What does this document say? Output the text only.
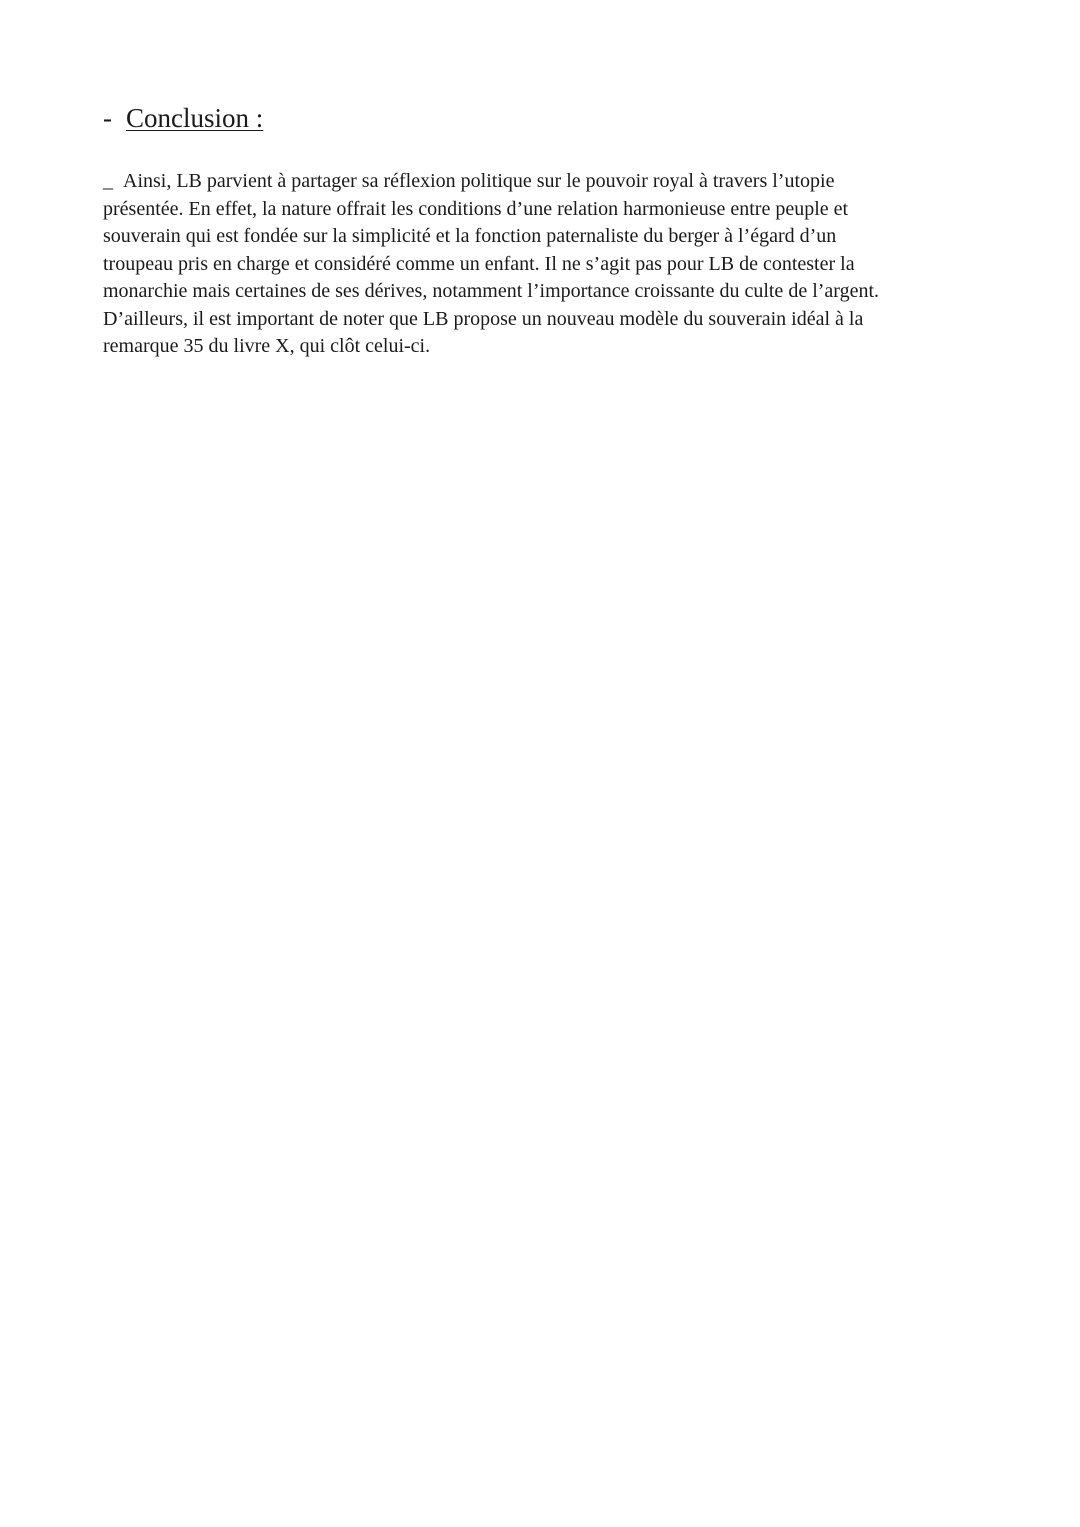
- Conclusion :
_ Ainsi, LB parvient à partager sa réflexion politique sur le pouvoir royal à travers l’utopie
présentée. En effet, la nature offrait les conditions d’une relation harmonieuse entre peuple et
souverain qui est fondée sur la simplicité et la fonction paternaliste du berger à l’égard d’un
troupeau pris en charge et considéré comme un enfant. Il ne s’agit pas pour LB de contester la
monarchie mais certaines de ses dérives, notamment l’importance croissante du culte de l’argent.
D’ailleurs, il est important de noter que LB propose un nouveau modèle du souverain idéal à la
remarque 35 du livre X, qui clôt celui-ci.
